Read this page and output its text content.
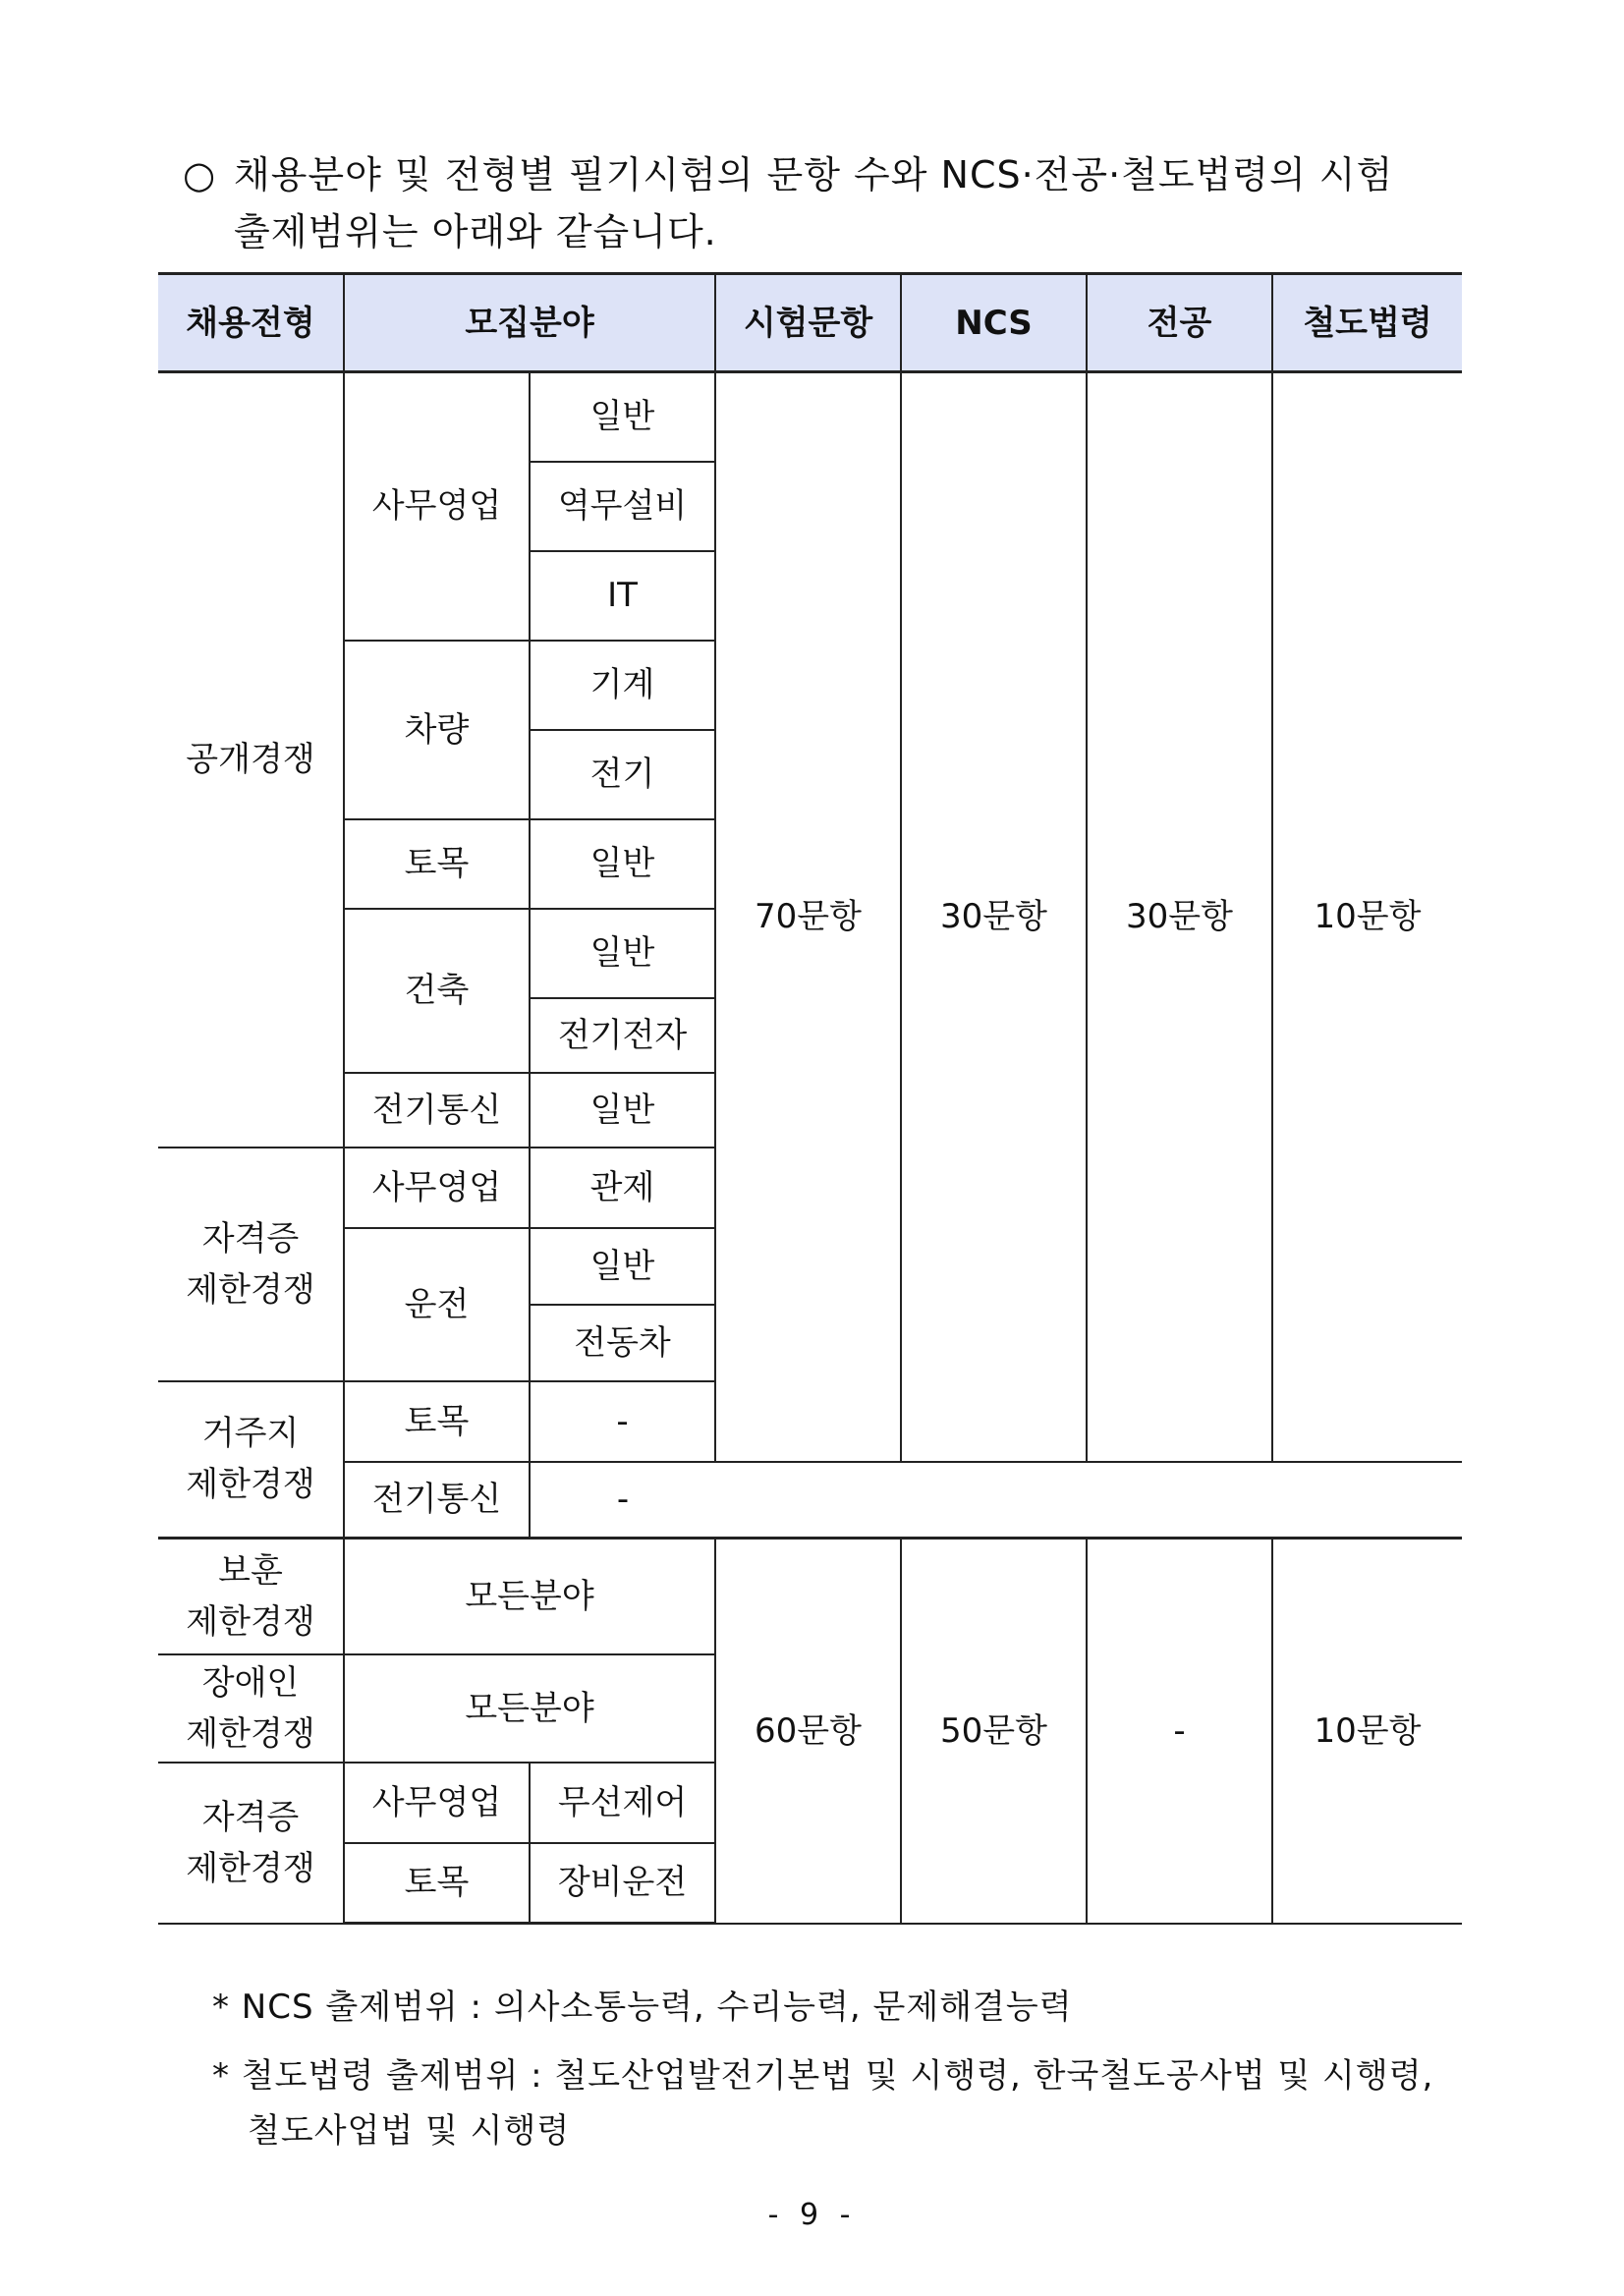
○ 채용분야 및 전형별 필기시험의 문항 수와 NCS·전공·철도법령의 시험
출제범위는 아래와 같습니다.
채용전형	모집분야		시험문항	NCS	전공	철도법령
공개경쟁	사무영업	일반	70문항	30문항	30문항	10문항
		역무설비				
		IT				
	차량	기계				
		전기				
	토목	일반				
	건축	일반				
		전기전자				
	전기통신	일반				
자격증
제한경쟁	사무영업	관제				
	운전	일반				
		전동차				
거주지
제한경쟁	토목	-				
	전기통신	-				
보훈
제한경쟁	모든분야		60문항	50문항	-	10문항
장애인
제한경쟁	모든분야					
자격증
제한경쟁	사무영업	무선제어				
	토목	장비운전				
* NCS 출제범위 : 의사소통능력, 수리능력, 문제해결능력
* 철도법령 출제범위 : 철도산업발전기본법 및 시행령, 한국철도공사법 및 시행령,
철도사업법 및 시행령
- 9 -
